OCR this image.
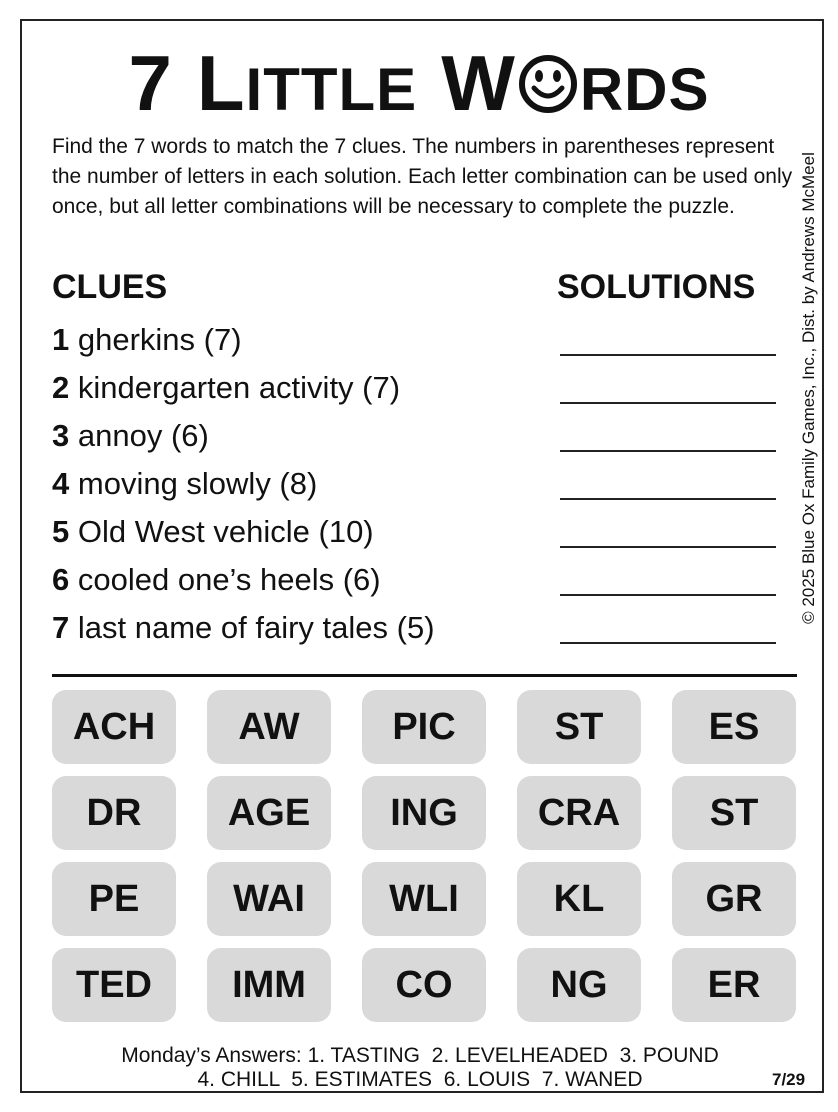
7 L ITTLE W RDS

Find the 7 words to match the 7 clues. The numbers in parentheses represent the number of letters in each solution. Each letter combination can be used only once, but all letter combinations will be necessary to complete the puzzle.

CLUES	SOLUTIONS
1 gherkins (7)
2 kindergarten activity (7)
3 annoy (6)
4 moving slowly (8)
5 Old West vehicle (10)
6 cooled one’s heels (6)
7 last name of fairy tales (5)
© 2025 Blue Ox Family Games, Inc., Dist. by Andrews McMeel
ACH	AW	PIC	ST	ES
DR	AGE	ING	CRA	ST
PE	WAI	WLI	KL	GR
TED	IMM	CO	NG	ER
Monday’s Answers: 1. TASTING  2. LEVELHEADED  3. POUND
4. CHILL  5. ESTIMATES  6. LOUIS  7. WANED	7/29
